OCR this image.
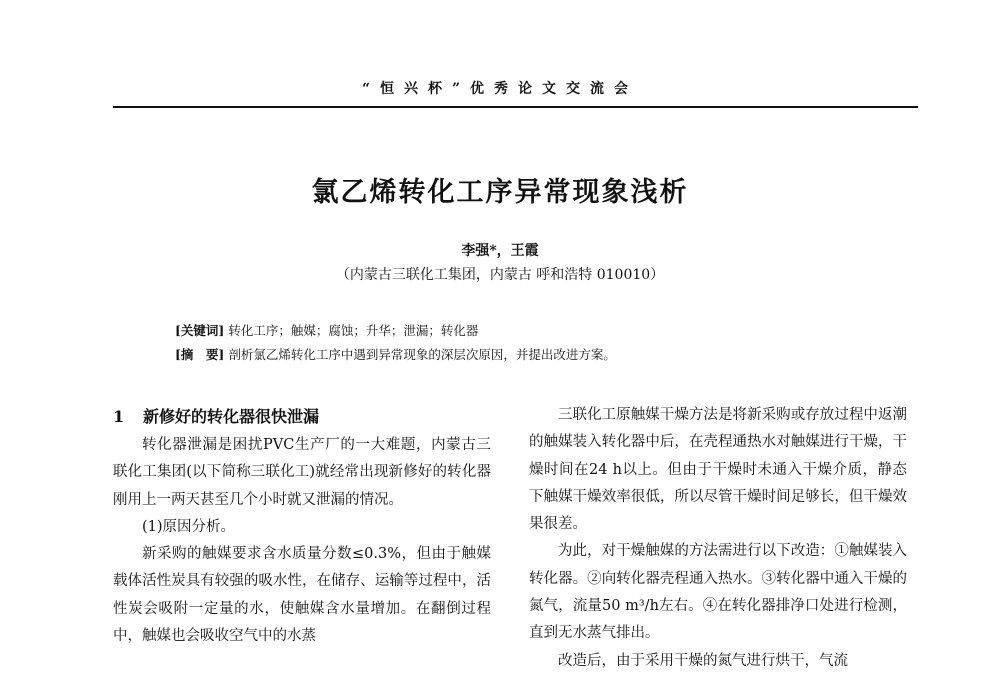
“恒兴杯”优秀论文交流会
氯乙烯转化工序异常现象浅析
李强*，王霞
（内蒙古三联化工集团，内蒙古 呼和浩特 010010）
[关键词] 转化工序；触媒；腐蚀；升华；泄漏；转化器
[摘　要] 剖析氯乙烯转化工序中遇到异常现象的深层次原因，并提出改进方案。
1 新修好的转化器很快泄漏

转化器泄漏是困扰PVC生产厂的一大难题，内蒙古三联化工集团(以下简称三联化工)就经常出现新修好的转化器刚用上一两天甚至几个小时就又泄漏的情况。

(1)原因分析。

新采购的触媒要求含水质量分数≤0.3%，但由于触媒载体活性炭具有较强的吸水性，在储存、运输等过程中，活性炭会吸附一定量的水，使触媒含水量增加。在翻倒过程中，触媒也会吸收空气中的水蒸

三联化工原触媒干燥方法是将新采购或存放过程中返潮的触媒装入转化器中后，在壳程通热水对触媒进行干燥，干燥时间在24 h以上。但由于干燥时未通入干燥介质，静态下触媒干燥效率很低，所以尽管干燥时间足够长，但干燥效果很差。

为此，对干燥触媒的方法需进行以下改造：①触媒装入转化器。②向转化器壳程通入热水。③转化器中通入干燥的氮气，流量50 m³/h左右。④在转化器排净口处进行检测，直到无水蒸气排出。

改造后，由于采用干燥的氮气进行烘干，气流
